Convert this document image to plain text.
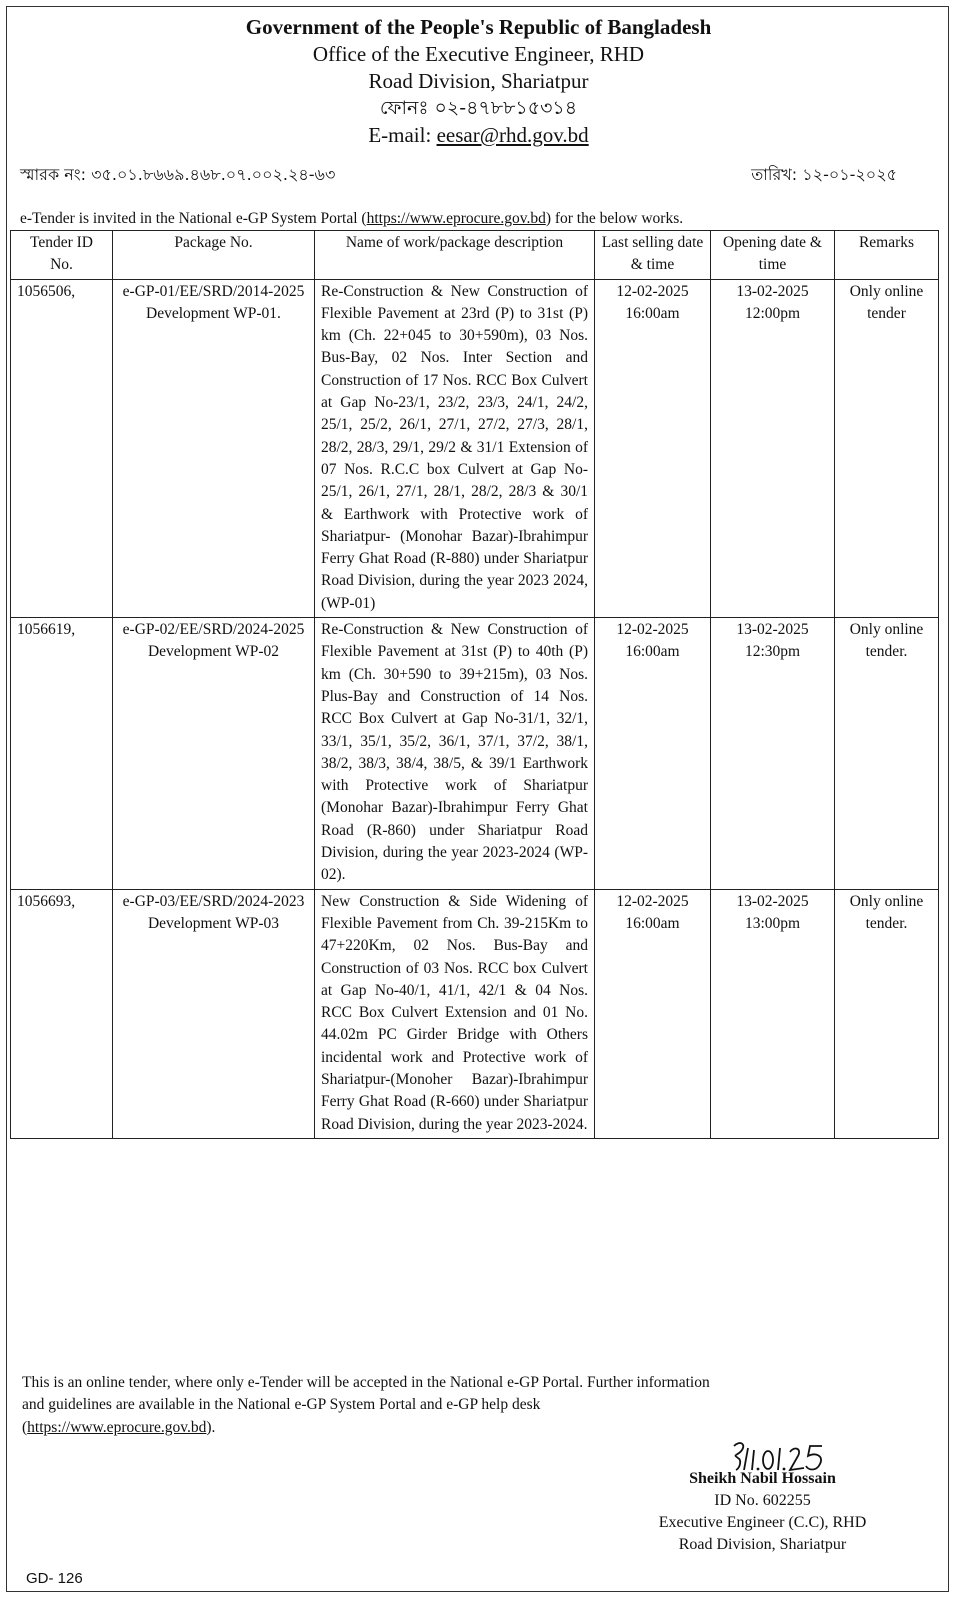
Government of the People's Republic of Bangladesh
Office of the Executive Engineer, RHD
Road Division, Shariatpur
ফোনঃ ০২-৪৭৮৮১৫৩১৪
E-mail: eesar@rhd.gov.bd
স্মারক নং: ৩৫.০১.৮৬৬৯.৪৬৮.০৭.০০২.২৪-৬৩	তারিখ: ১২-০১-২০২৫
e-Tender is invited in the National e-GP System Portal (https://www.eprocure.gov.bd) for the below works.
Tender ID No.	Package No.	Name of work/package description	Last selling date & time	Opening date & time	Remarks
1056506,	e-GP-01/EE/SRD/2014-2025 Development WP-01.	Re-Construction & New Construction of Flexible Pavement at 23rd (P) to 31st (P) km (Ch. 22+045 to 30+590m), 03 Nos. Bus-Bay, 02 Nos. Inter Section and Construction of 17 Nos. RCC Box Culvert at Gap No-23/1, 23/2, 23/3, 24/1, 24/2, 25/1, 25/2, 26/1, 27/1, 27/2, 27/3, 28/1, 28/2, 28/3, 29/1, 29/2 & 31/1 Extension of 07 Nos. R.C.C box Culvert at Gap No-25/1, 26/1, 27/1, 28/1, 28/2, 28/3 & 30/1 & Earthwork with Protective work of Shariatpur- (Monohar Bazar)-Ibrahimpur Ferry Ghat Road (R-880) under Shariatpur Road Division, during the year 2023 2024, (WP-01)	12-02-2025 16:00am	13-02-2025 12:00pm	Only online tender
1056619,	e-GP-02/EE/SRD/2024-2025 Development WP-02	Re-Construction & New Construction of Flexible Pavement at 31st (P) to 40th (P) km (Ch. 30+590 to 39+215m), 03 Nos. Plus-Bay and Construction of 14 Nos. RCC Box Culvert at Gap No-31/1, 32/1, 33/1, 35/1, 35/2, 36/1, 37/1, 37/2, 38/1, 38/2, 38/3, 38/4, 38/5, & 39/1 Earthwork with Protective work of Shariatpur (Monohar Bazar)-Ibrahimpur Ferry Ghat Road (R-860) under Shariatpur Road Division, during the year 2023-2024 (WP-02).	12-02-2025 16:00am	13-02-2025 12:30pm	Only online tender.
1056693,	e-GP-03/EE/SRD/2024-2023 Development WP-03	New Construction & Side Widening of Flexible Pavement from Ch. 39-215Km to 47+220Km, 02 Nos. Bus-Bay and Construction of 03 Nos. RCC box Culvert at Gap No-40/1, 41/1, 42/1 & 04 Nos. RCC Box Culvert Extension and 01 No. 44.02m PC Girder Bridge with Others incidental work and Protective work of Shariatpur-(Monoher Bazar)-Ibrahimpur Ferry Ghat Road (R-660) under Shariatpur Road Division, during the year 2023-2024.	12-02-2025 16:00am	13-02-2025 13:00pm	Only online tender.
This is an online tender, where only e-Tender will be accepted in the National e-GP Portal. Further information and guidelines are available in the National e-GP System Portal and e-GP help desk (https://www.eprocure.gov.bd).
Sheikh Nabil Hossain
ID No. 602255
Executive Engineer (C.C), RHD
Road Division, Shariatpur
GD- 126
